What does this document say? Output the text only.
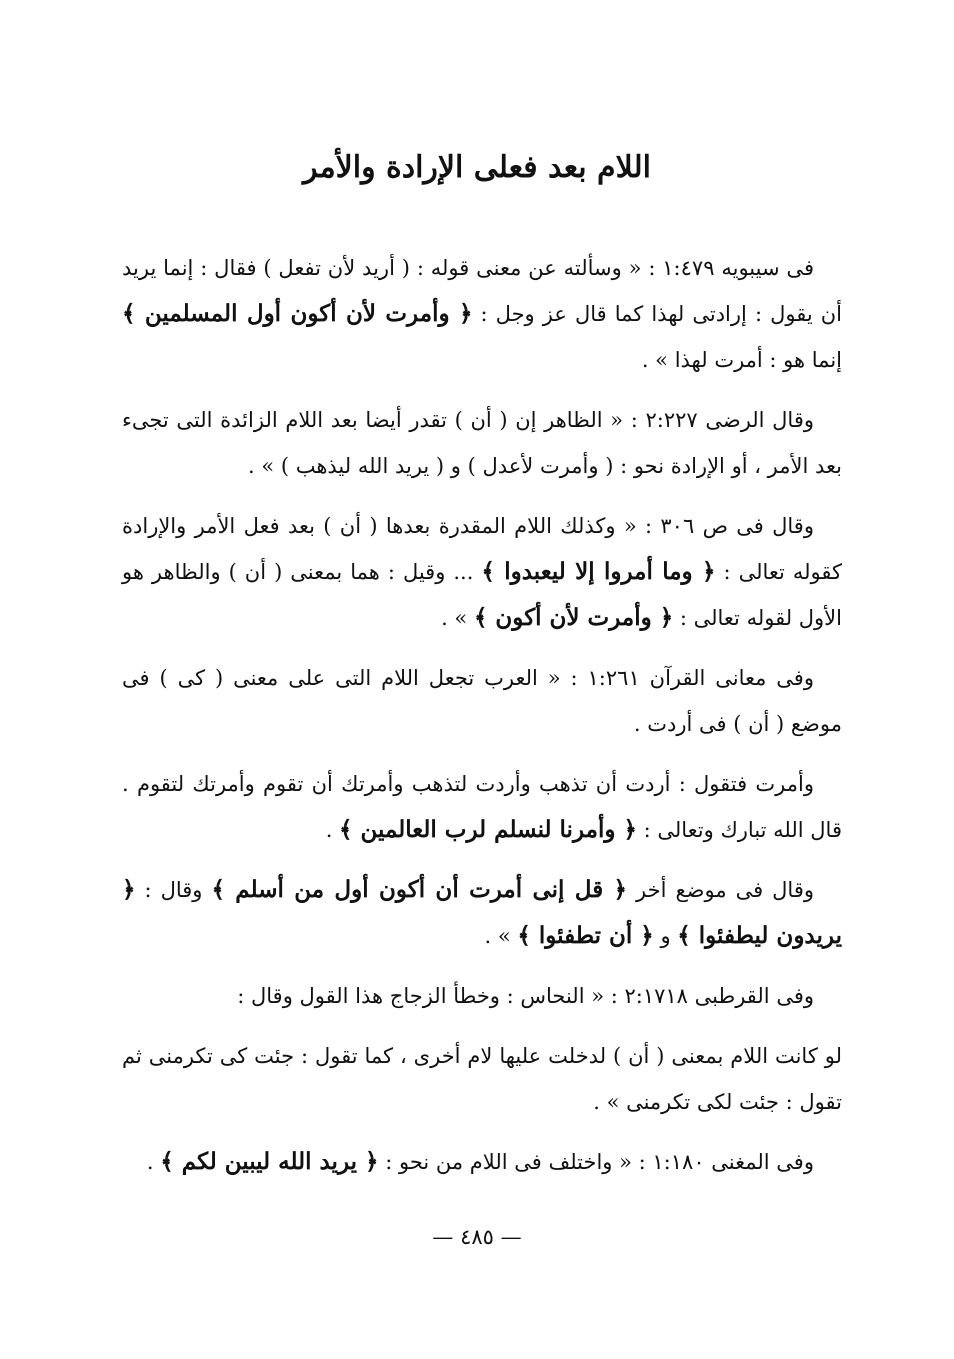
اللام بعد فعلى الإرادة والأمر

فى سيبويه ١:٤٧٩ : « وسألته عن معنى قوله : ( أريد لأن تفعل ) فقال : إنما يريد أن يقول : إرادتى لهذا كما قال عز وجل : ﴿ وأمرت لأن أكون أول المسلمين ﴾ إنما هو : أمرت لهذا » .

وقال الرضى ٢:٢٢٧ : « الظاهر إن ( أن ) تقدر أيضا بعد اللام الزائدة التى تجىء بعد الأمر ، أو الإرادة نحو : ( وأمرت لأعدل ) و ( يريد الله ليذهب ) » .

وقال فى ص ٣٠٦ : « وكذلك اللام المقدرة بعدها ( أن ) بعد فعل الأمر والإرادة كقوله تعالى : ﴿ وما أمروا إلا ليعبدوا ﴾ ... وقيل : هما بمعنى ( أن ) والظاهر هو الأول لقوله تعالى : ﴿ وأمرت لأن أكون ﴾ » .

وفى معانى القرآن ١:٢٦١ : « العرب تجعل اللام التى على معنى ( كى ) فى موضع ( أن ) فى أردت .

وأمرت فتقول : أردت أن تذهب وأردت لتذهب وأمرتك أن تقوم وأمرتك لتقوم . قال الله تبارك وتعالى : ﴿ وأمرنا لنسلم لرب العالمين ﴾ .

وقال فى موضع أخر ﴿ قل إنى أمرت أن أكون أول من أسلم ﴾ وقال : ﴿ يريدون ليطفئوا ﴾ و ﴿ أن تطفئوا ﴾ » .

وفى القرطبى ٢:١٧١٨ : « النحاس : وخطأ الزجاج هذا القول وقال :

لو كانت اللام بمعنى ( أن ) لدخلت عليها لام أخرى ، كما تقول : جئت كى تكرمنى ثم تقول : جئت لكى تكرمنى » .

وفى المغنى ١:١٨٠ : « واختلف فى اللام من نحو : ﴿ يريد الله ليبين لكم ﴾ .

— ٤٨٥ —
